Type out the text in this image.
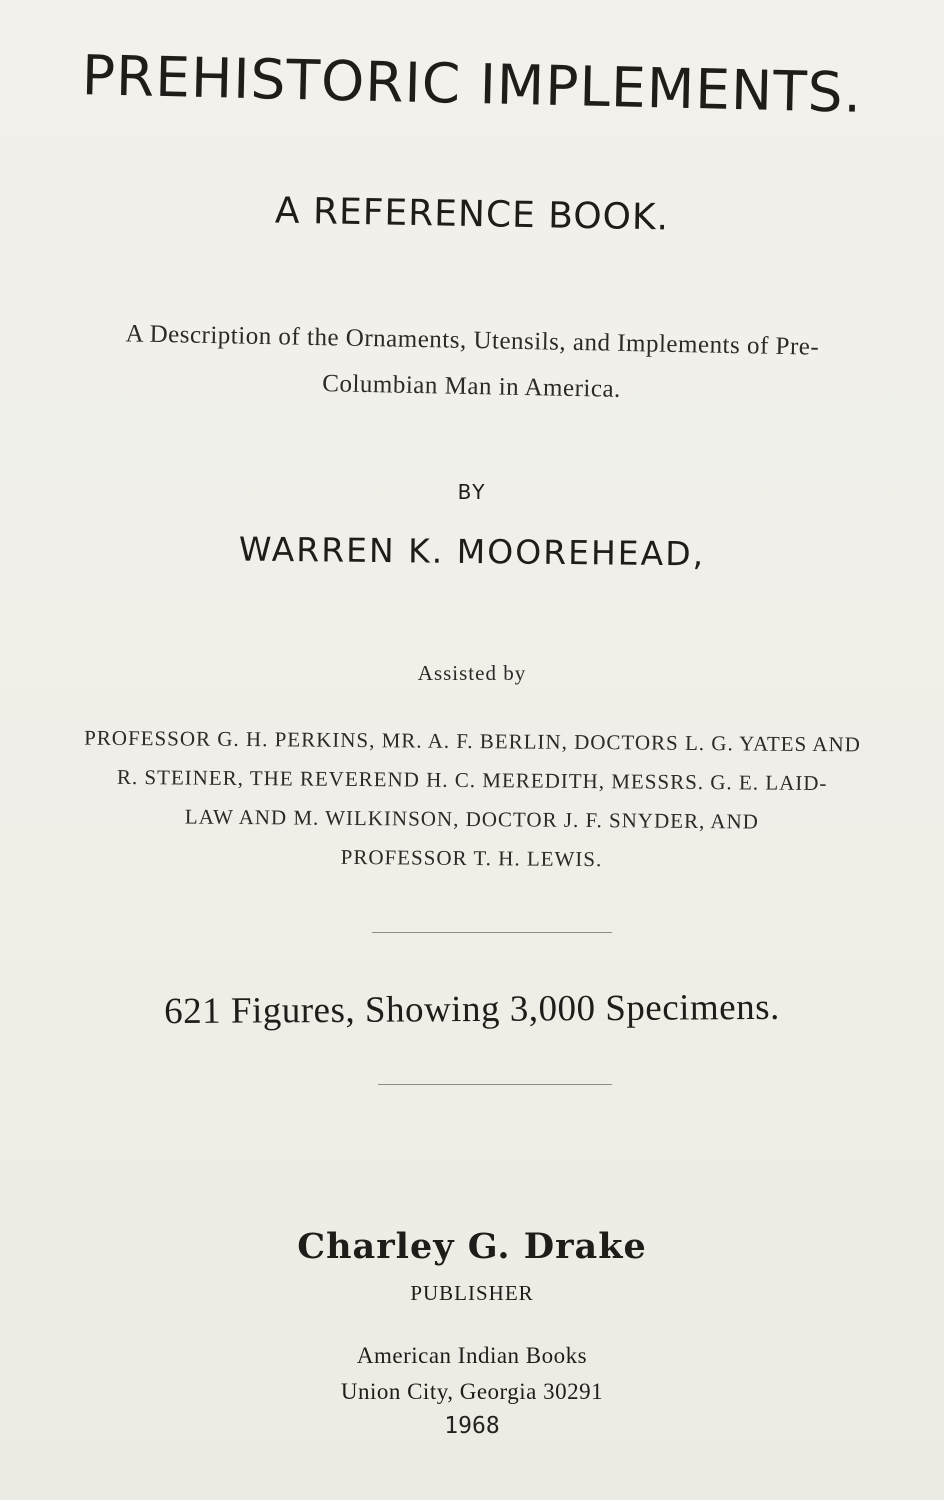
PREHISTORIC IMPLEMENTS.
A REFERENCE BOOK.
A Description of the Ornaments, Utensils, and Implements of Pre-
Columbian Man in America.
BY
WARREN K. MOOREHEAD,
Assisted by
PROFESSOR G. H. PERKINS, MR. A. F. BERLIN, DOCTORS L. G. YATES AND
R. STEINER, THE REVEREND H. C. MEREDITH, MESSRS. G. E. LAID-
LAW AND M. WILKINSON, DOCTOR J. F. SNYDER, AND
PROFESSOR T. H. LEWIS.
621 Figures, Showing 3,000 Specimens.
Charley G. Drake
PUBLISHER
American Indian Books
Union City, Georgia 30291
1968
